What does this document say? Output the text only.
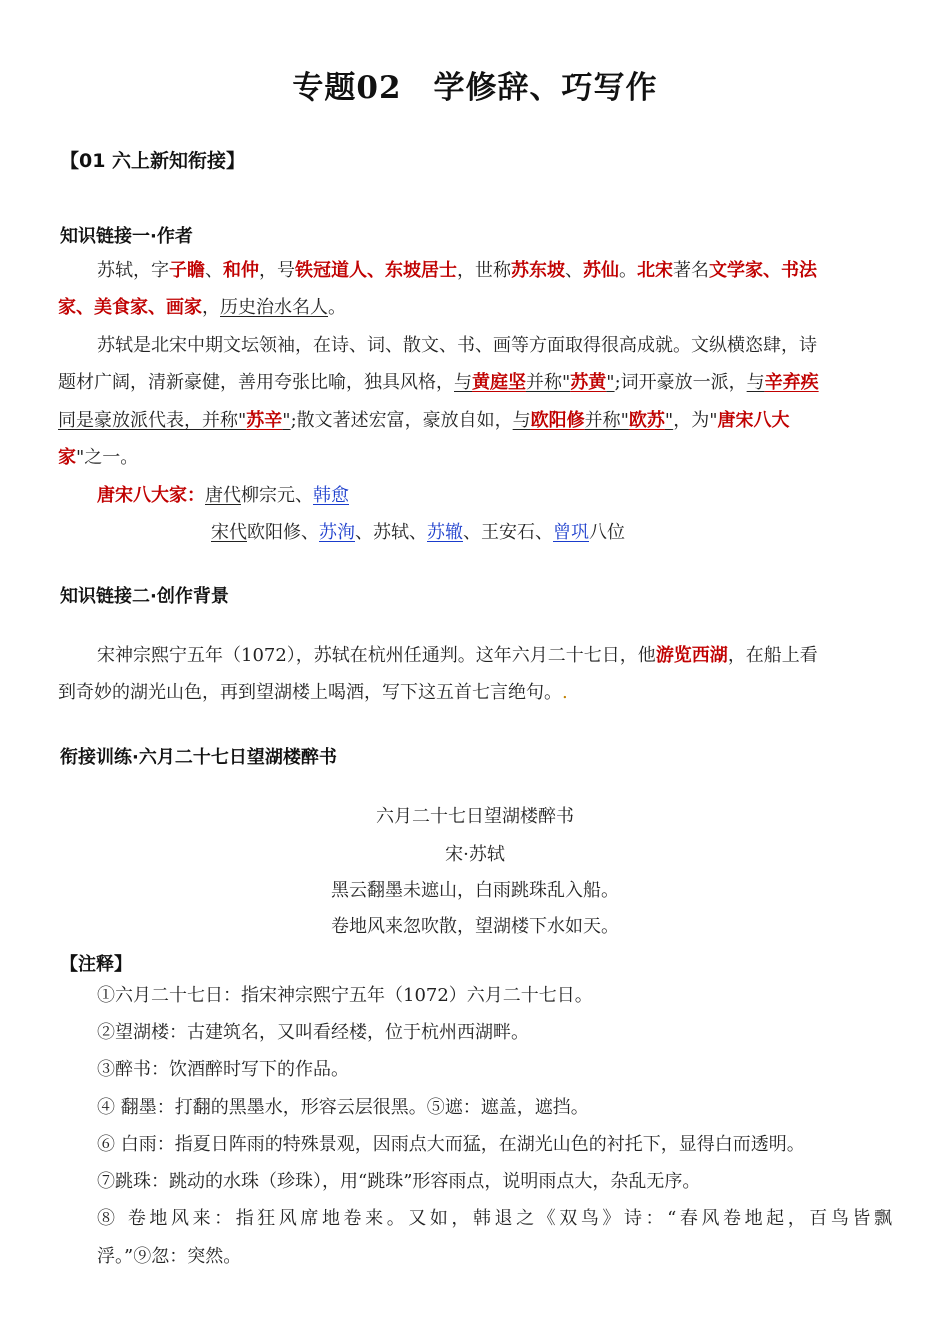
专题02　学修辞、巧写作
【01 六上新知衔接】
知识链接一·作者
苏轼，字子瞻、和仲，号铁冠道人、东坡居士，世称苏东坡、苏仙。北宋著名文学家、书法
家、美食家、画家，历史治水名人。
苏轼是北宋中期文坛领袖，在诗、词、散文、书、画等方面取得很高成就。文纵横恣肆，诗
题材广阔，清新豪健，善用夸张比喻，独具风格，与黄庭坚并称"苏黄";词开豪放一派，与辛弃疾
同是豪放派代表，并称"苏辛";散文著述宏富，豪放自如，与欧阳修并称"欧苏"，为"唐宋八大
家"之一。
唐宋八大家：唐代柳宗元、韩愈
宋代欧阳修、苏洵、苏轼、苏辙、王安石、曾巩八位
知识链接二·创作背景
宋神宗熙宁五年（1072），苏轼在杭州任通判。这年六月二十七日，他游览西湖，在船上看
到奇妙的湖光山色，再到望湖楼上喝酒，写下这五首七言绝句。.
衔接训练·六月二十七日望湖楼醉书
六月二十七日望湖楼醉书
宋·苏轼
黑云翻墨未遮山，白雨跳珠乱入船。
卷地风来忽吹散，望湖楼下水如天。
【注释】
①六月二十七日：指宋神宗熙宁五年（1072）六月二十七日。
②望湖楼：古建筑名，又叫看经楼，位于杭州西湖畔。
③醉书：饮酒醉时写下的作品。
④ 翻墨：打翻的黑墨水，形容云层很黑。⑤遮：遮盖，遮挡。
⑥ 白雨：指夏日阵雨的特殊景观，因雨点大而猛，在湖光山色的衬托下，显得白而透明。
⑦跳珠：跳动的水珠（珍珠），用“跳珠”形容雨点，说明雨点大，杂乱无序。
⑧ 卷地风来：指狂风席地卷来。又如，韩退之《双鸟》诗：“春风卷地起，百鸟皆飘
浮。”⑨忽：突然。
